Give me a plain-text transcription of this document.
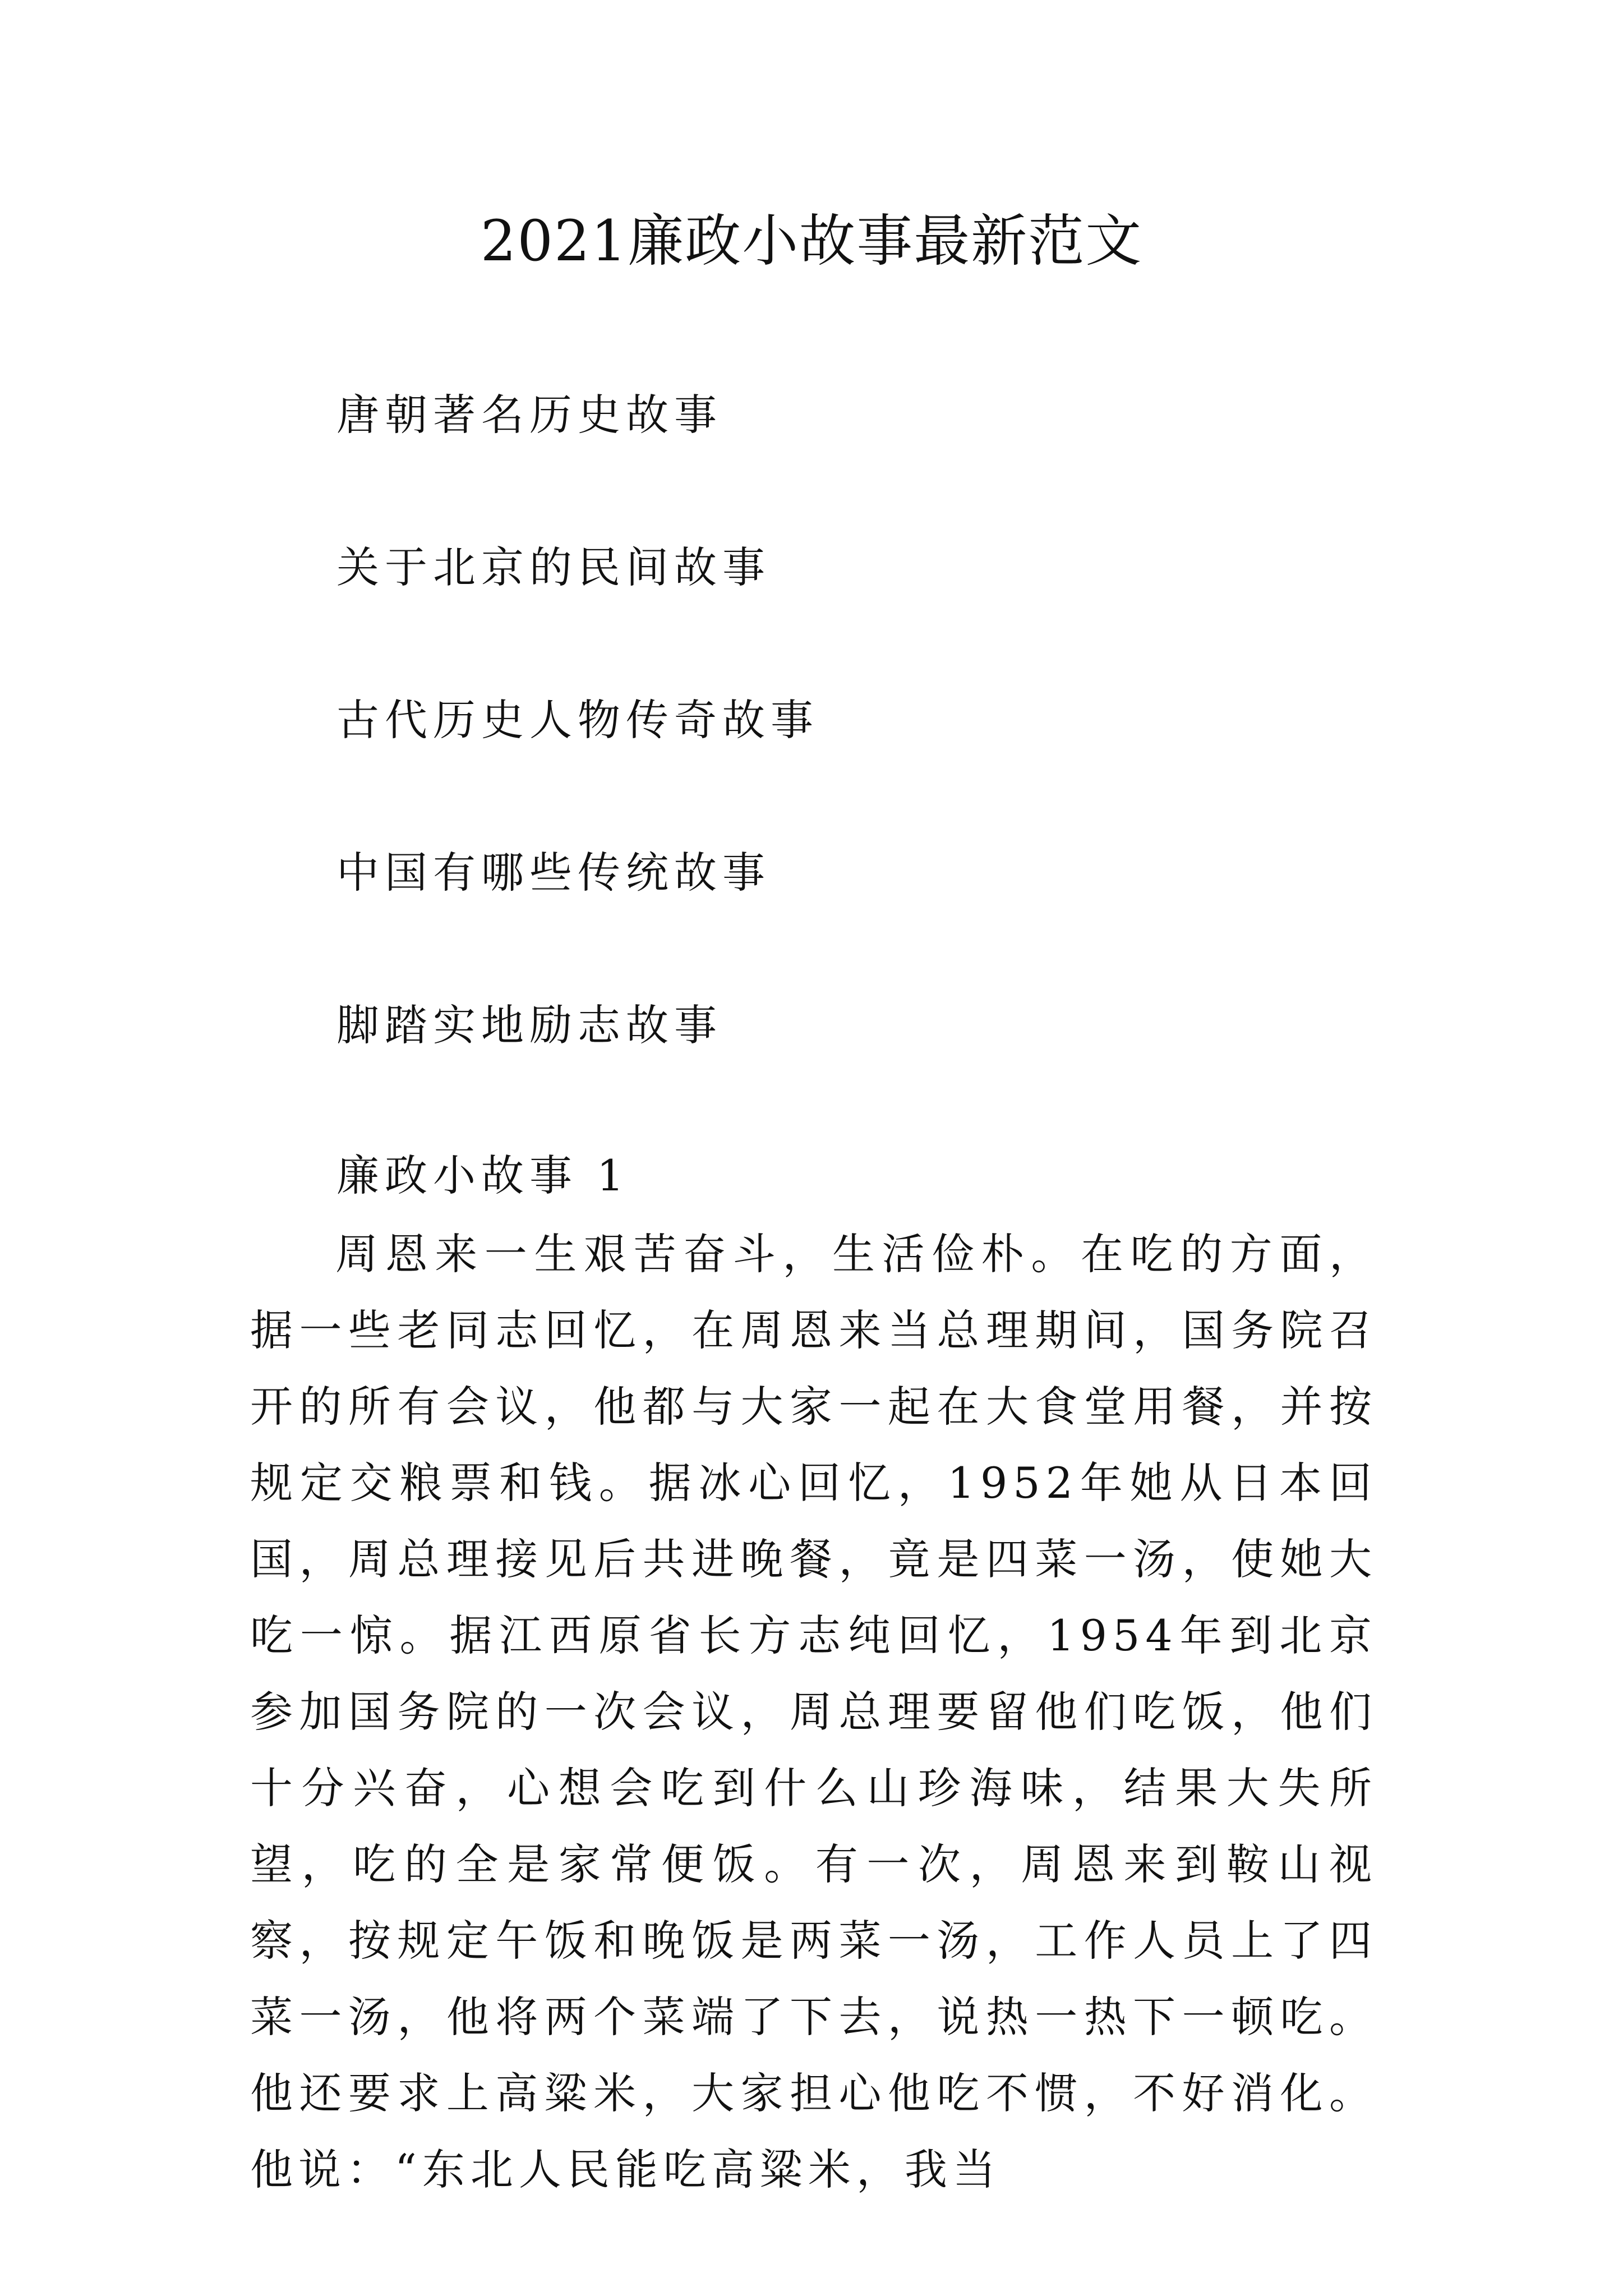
2021廉政小故事最新范文
唐朝著名历史故事
关于北京的民间故事
古代历史人物传奇故事
中国有哪些传统故事
脚踏实地励志故事
廉政小故事 1

周恩来一生艰苦奋斗，生活俭朴。在吃的方面，据一些老同志回忆，在周恩来当总理期间，国务院召开的所有会议，他都与大家一起在大食堂用餐，并按规定交粮票和钱。据冰心回忆，1952年她从日本回国，周总理接见后共进晚餐，竟是四菜一汤，使她大吃一惊。据江西原省长方志纯回忆，1954年到北京参加国务院的一次会议，周总理要留他们吃饭，他们十分兴奋，心想会吃到什么山珍海味，结果大失所望，吃的全是家常便饭。有一次，周恩来到鞍山视察，按规定午饭和晚饭是两菜一汤，工作人员上了四菜一汤，他将两个菜端了下去，说热一热下一顿吃。他还要求上高粱米，大家担心他吃不惯，不好消化。他说：“东北人民能吃高粱米，我当
